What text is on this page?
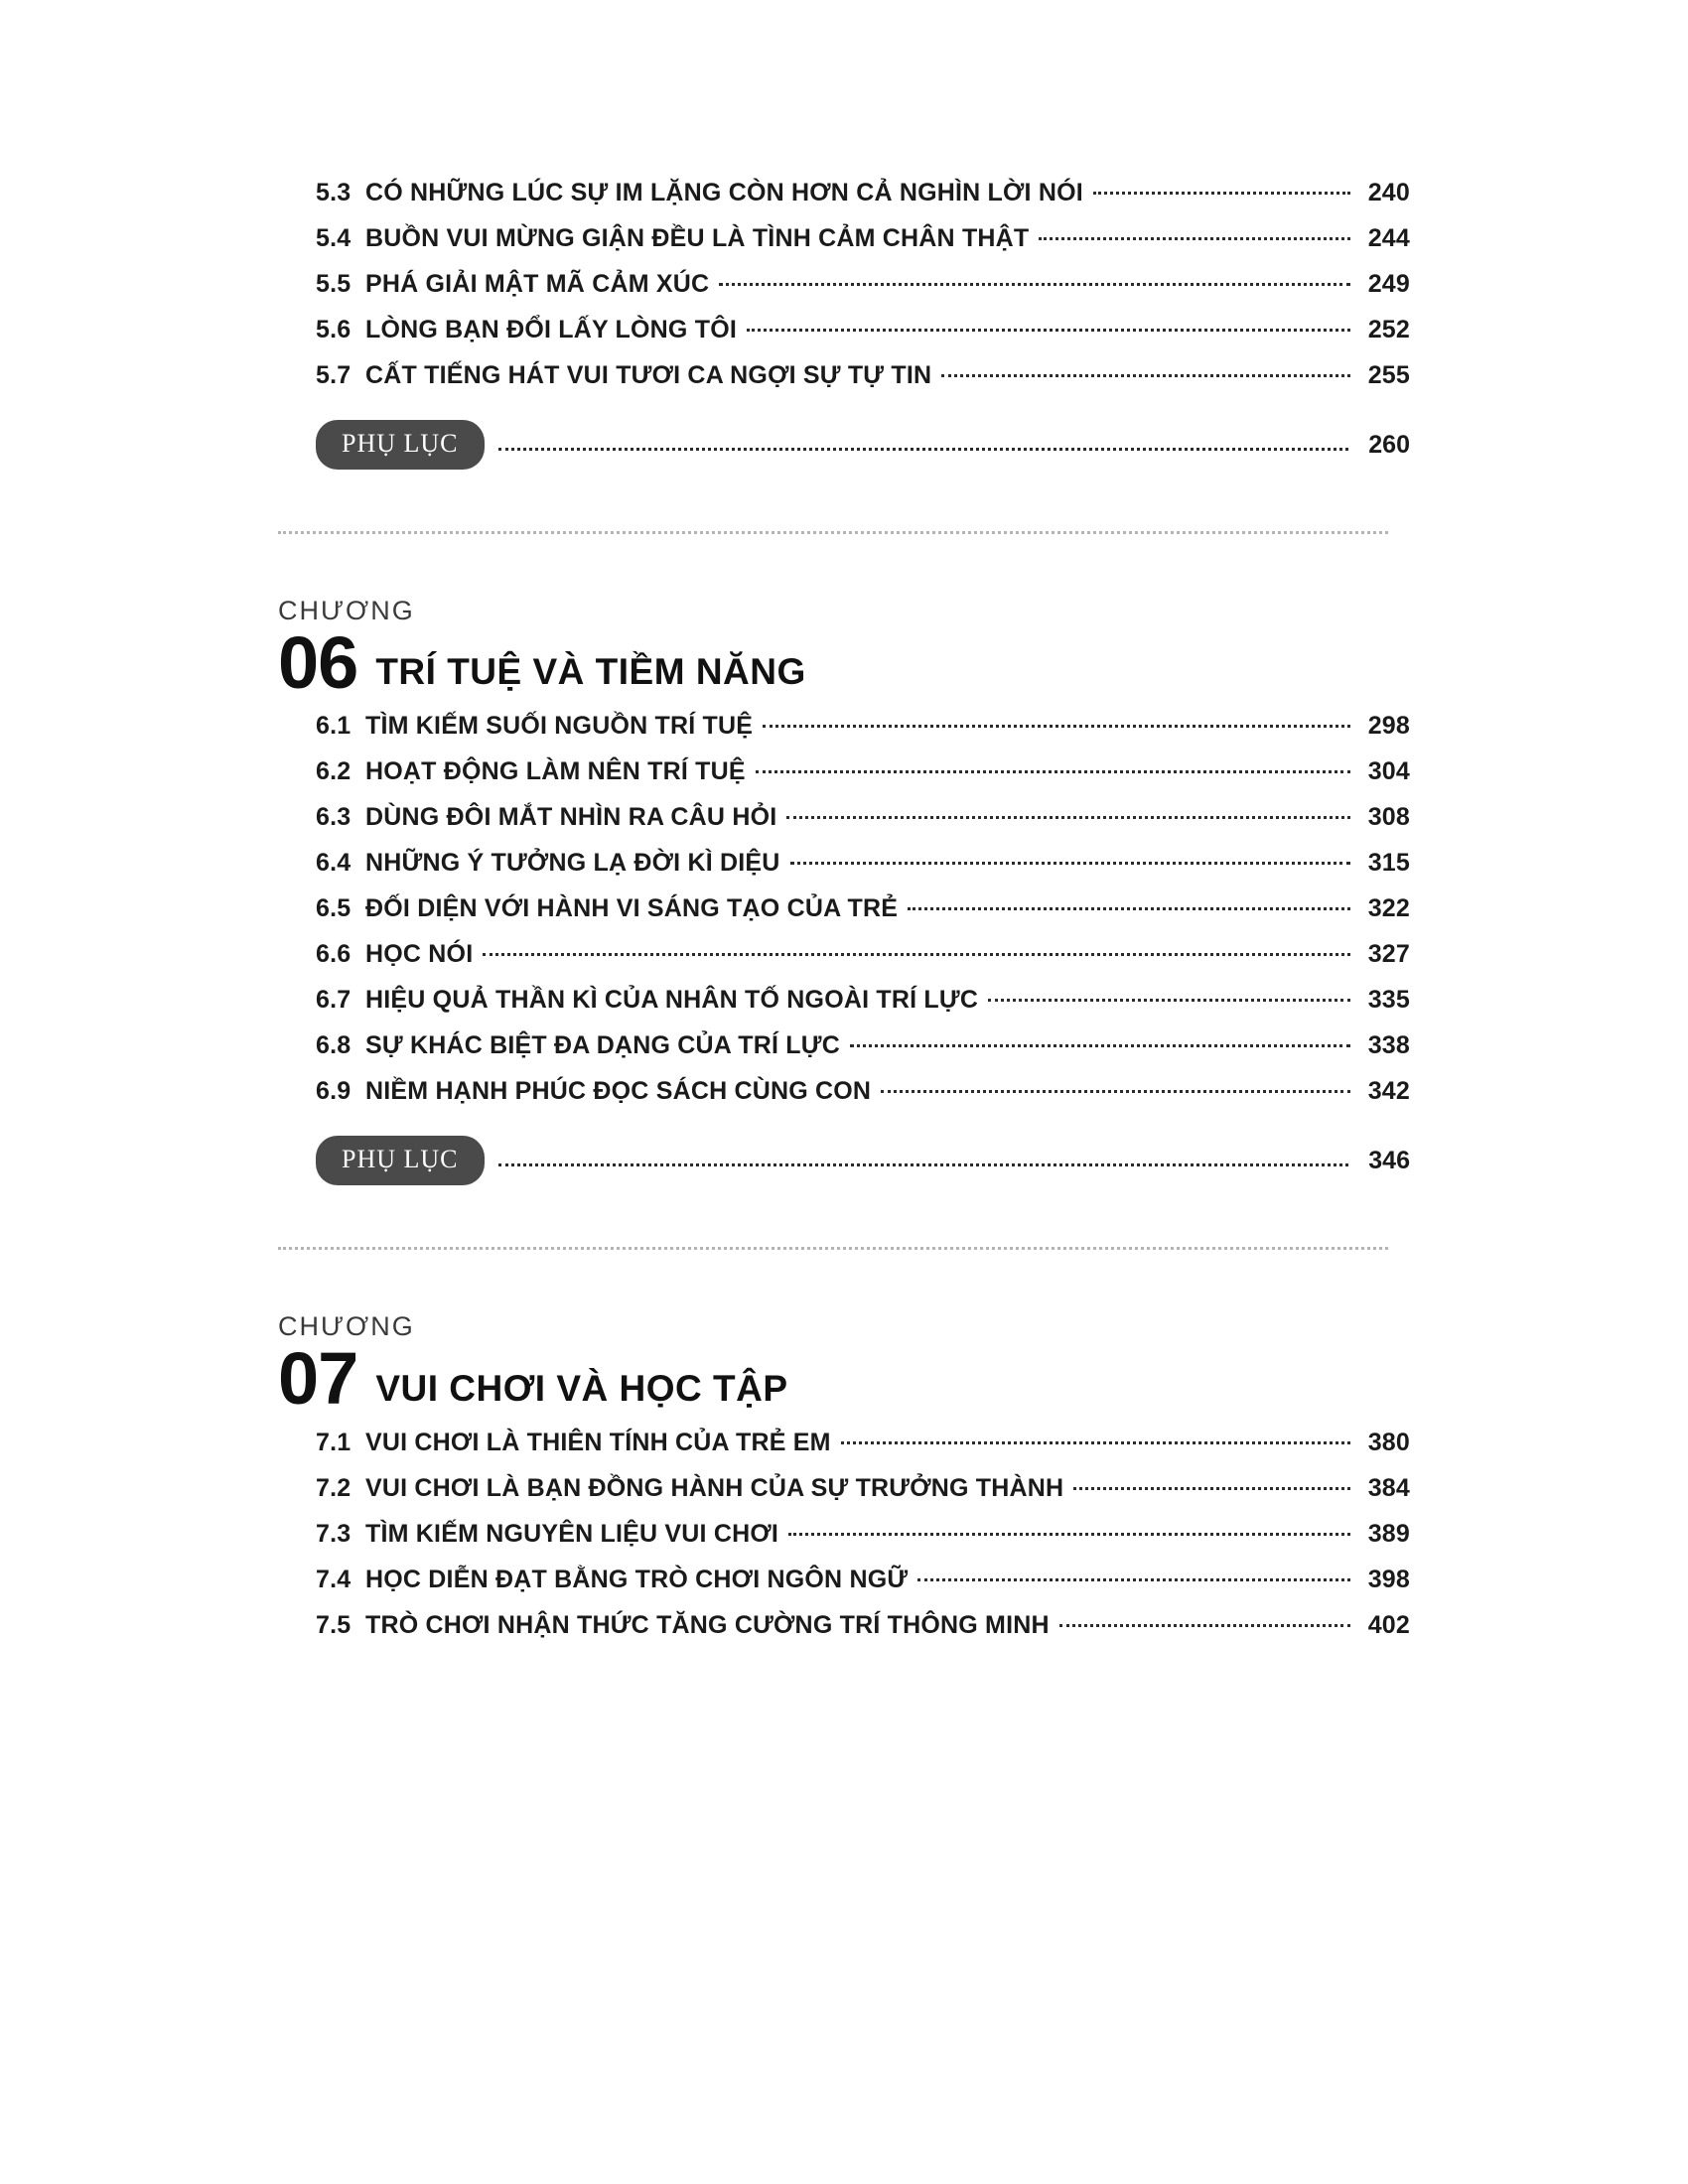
5.3 CÓ NHỮNG LÚC SỰ IM LẶNG CÒN HƠN CẢ NGHÌN LỜI NÓI	240
5.4 BUỒN VUI MỪNG GIẬN ĐỀU LÀ TÌNH CẢM CHÂN THẬT	244
5.5 PHÁ GIẢI MẬT MÃ CẢM XÚC	249
5.6 LÒNG BẠN ĐỔI LẤY LÒNG TÔI	252
5.7 CẤT TIẾNG HÁT VUI TƯƠI CA NGỢI SỰ TỰ TIN	255
PHỤ LỤC	260
CHƯƠNG
06 TRÍ TUỆ VÀ TIỀM NĂNG
6.1 TÌM KIẾM SUỐI NGUỒN TRÍ TUỆ	298
6.2 HOẠT ĐỘNG LÀM NÊN TRÍ TUỆ	304
6.3 DÙNG ĐÔI MẮT NHÌN RA CÂU HỎI	308
6.4 NHỮNG Ý TƯỞNG LẠ ĐỜI KÌ DIỆU	315
6.5 ĐỐI DIỆN VỚI HÀNH VI SÁNG TẠO CỦA TRẺ	322
6.6 HỌC NÓI	327
6.7 HIỆU QUẢ THẦN KÌ CỦA NHÂN TỐ NGOÀI TRÍ LỰC	335
6.8 SỰ KHÁC BIỆT ĐA DẠNG CỦA TRÍ LỰC	338
6.9 NIỀM HẠNH PHÚC ĐỌC SÁCH CÙNG CON	342
PHỤ LỤC	346
CHƯƠNG
07 VUI CHƠI VÀ HỌC TẬP
7.1 VUI CHƠI LÀ THIÊN TÍNH CỦA TRẺ EM	380
7.2 VUI CHƠI LÀ BẠN ĐỒNG HÀNH CỦA SỰ TRƯỞNG THÀNH	384
7.3 TÌM KIẾM NGUYÊN LIỆU VUI CHƠI	389
7.4 HỌC DIỄN ĐẠT BẰNG TRÒ CHƠI NGÔN NGỮ	398
7.5 TRÒ CHƠI NHẬN THỨC TĂNG CƯỜNG TRÍ THÔNG MINH	402
